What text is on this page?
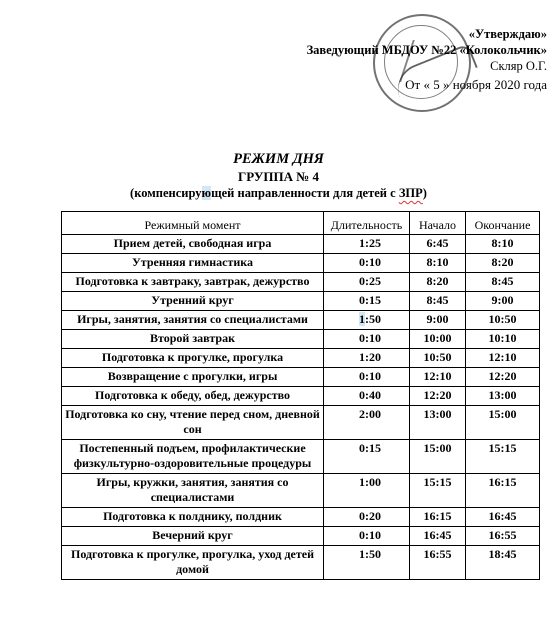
«Утверждаю»
Заведующий МБДОУ №22 «Колокольчик»
Скляр О.Г.
От « 5 » ноября 2020 года
РЕЖИМ ДНЯ
ГРУППА № 4
(компенсирующей направленности для детей с ЗПР)
Режимный момент	Длительность	Начало	Окончание
Прием детей, свободная игра	1:25	6:45	8:10
Утренняя гимнастика	0:10	8:10	8:20
Подготовка к завтраку, завтрак, дежурство	0:25	8:20	8:45
Утренний круг	0:15	8:45	9:00
Игры, занятия, занятия со специалистами	1:50	9:00	10:50
Второй завтрак	0:10	10:00	10:10
Подготовка к прогулке, прогулка	1:20	10:50	12:10
Возвращение с прогулки, игры	0:10	12:10	12:20
Подготовка к обеду, обед, дежурство	0:40	12:20	13:00
Подготовка ко сну, чтение перед сном, дневной сон	2:00	13:00	15:00
Постепенный подъем, профилактические физкультурно-оздоровительные процедуры	0:15	15:00	15:15
Игры, кружки, занятия, занятия со специалистами	1:00	15:15	16:15
Подготовка к полднику, полдник	0:20	16:15	16:45
Вечерний круг	0:10	16:45	16:55
Подготовка к прогулке, прогулка, уход детей домой	1:50	16:55	18:45
